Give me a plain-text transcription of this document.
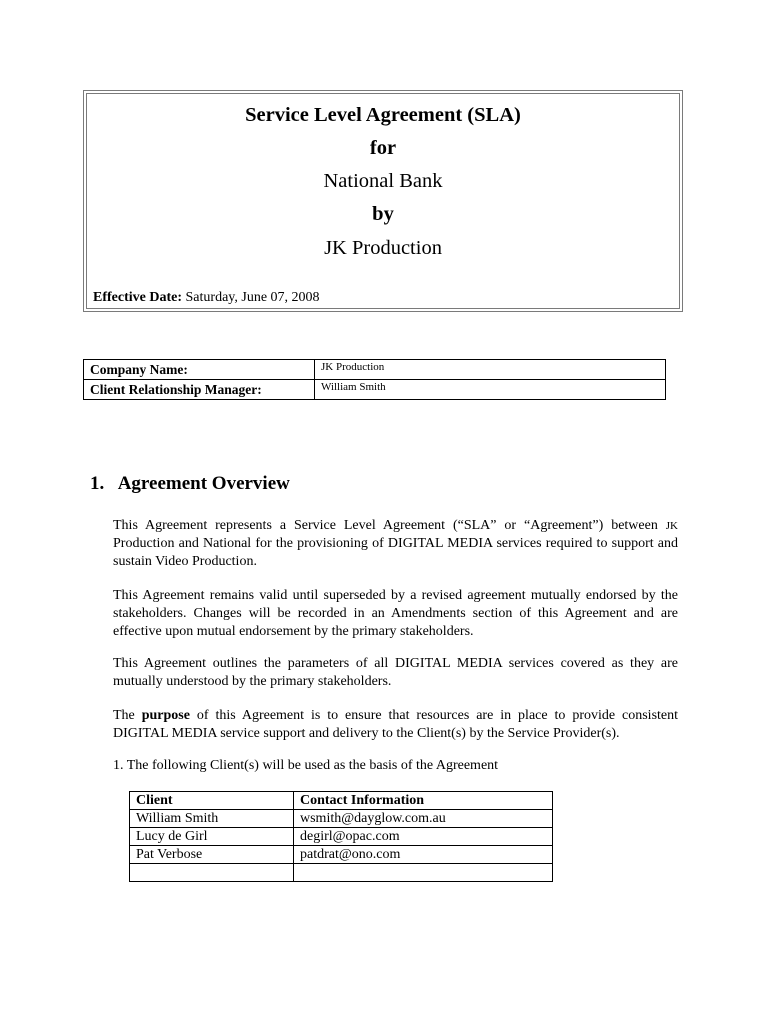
Service Level Agreement (SLA)
for
National Bank
by
JK Production
Effective Date: Saturday, June 07, 2008
Company Name:	JK Production
Client Relationship Manager:	William Smith
1. Agreement Overview

This Agreement represents a Service Level Agreement (“SLA” or “Agreement”) between JK Production and National for the provisioning of DIGITAL MEDIA services required to support and sustain Video Production.

This Agreement remains valid until superseded by a revised agreement mutually endorsed by the stakeholders. Changes will be recorded in an Amendments section of this Agreement and are effective upon mutual endorsement by the primary stakeholders.

This Agreement outlines the parameters of all DIGITAL MEDIA services covered as they are mutually understood by the primary stakeholders.

The purpose of this Agreement is to ensure that resources are in place to provide consistent DIGITAL MEDIA service support and delivery to the Client(s) by the Service Provider(s).

1. The following Client(s) will be used as the basis of the Agreement

Client	Contact Information
William Smith	wsmith@dayglow.com.au
Lucy de Girl	degirl@opac.com
Pat Verbose	patdrat@ono.com
